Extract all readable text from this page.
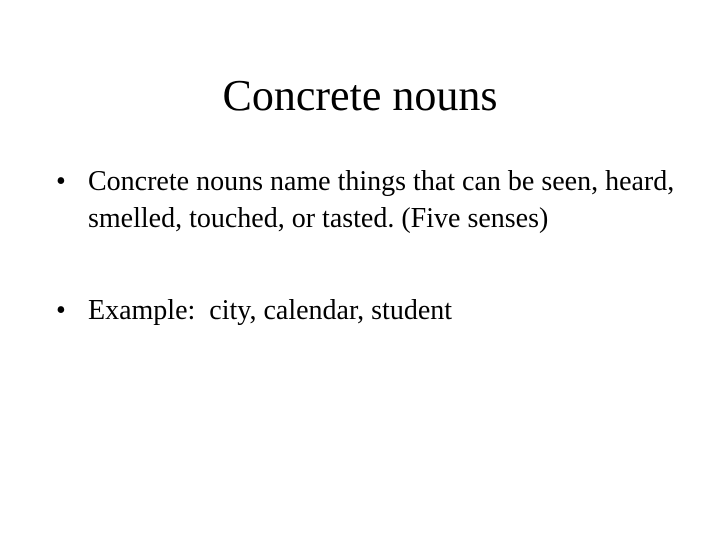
Concrete nouns
• Concrete nouns name things that can be seen, heard, smelled, touched, or tasted. (Five senses)
• Example:  city, calendar, student
